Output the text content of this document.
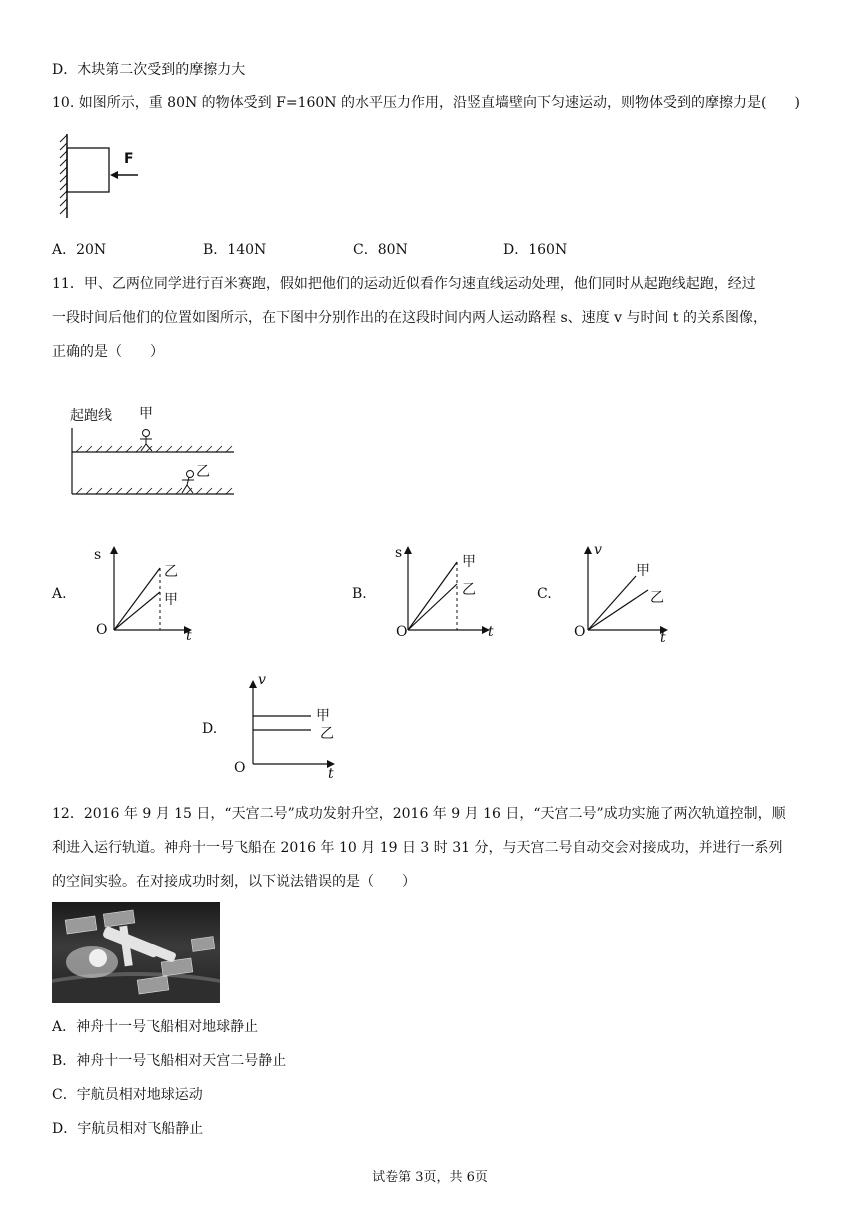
D．木块第二次受到的摩擦力大
10. 如图所示，重 80N 的物体受到 F=160N 的水平压力作用，沿竖直墙壁向下匀速运动，则物体受到的摩擦力是(　　)
F
A．20N	B．140N	C．80N	D．160N
11．甲、乙两位同学进行百米赛跑，假如把他们的运动近似看作匀速直线运动处理，他们同时从起跑线起跑，经过
一段时间后他们的位置如图所示，在下图中分别作出的在这段时间内两人运动路程 s、速度 v 与时间 t 的关系图像，
正确的是（　　）
起跑线 甲
乙
A.
s
O	t
乙
甲	B.
s
O	t
甲
乙	C.
v
O	t
甲
乙
D.
v
O	t
甲
乙
12．2016 年 9 月 15 日，“天宫二号”成功发射升空，2016 年 9 月 16 日，“天宫二号”成功实施了两次轨道控制，顺
利进入运行轨道。神舟十一号飞船在 2016 年 10 月 19 日 3 时 31 分，与天宫二号自动交会对接成功，并进行一系列
的空间实验。在对接成功时刻，以下说法错误的是（　　）
A．神舟十一号飞船相对地球静止
B．神舟十一号飞船相对天宫二号静止
C．宇航员相对地球运动
D．宇航员相对飞船静止
试卷第 3页，共 6页
